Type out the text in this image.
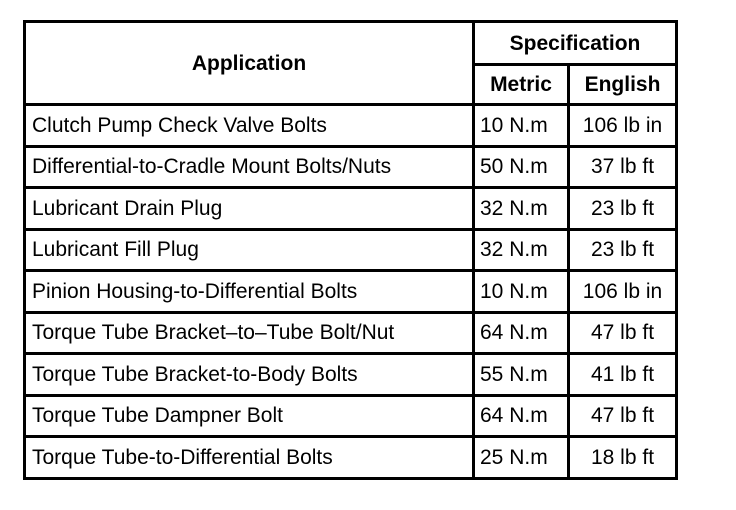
Application	Specification	
	Metric	English
Clutch Pump Check Valve Bolts	10 N.m	106 lb in
Differential-to-Cradle Mount Bolts/Nuts	50 N.m	37 lb ft
Lubricant Drain Plug	32 N.m	23 lb ft
Lubricant Fill Plug	32 N.m	23 lb ft
Pinion Housing-to-Differential Bolts	10 N.m	106 lb in
Torque Tube Bracket–to–Tube Bolt/Nut	64 N.m	47 lb ft
Torque Tube Bracket-to-Body Bolts	55 N.m	41 lb ft
Torque Tube Dampner Bolt	64 N.m	47 lb ft
Torque Tube-to-Differential Bolts	25 N.m	18 lb ft
